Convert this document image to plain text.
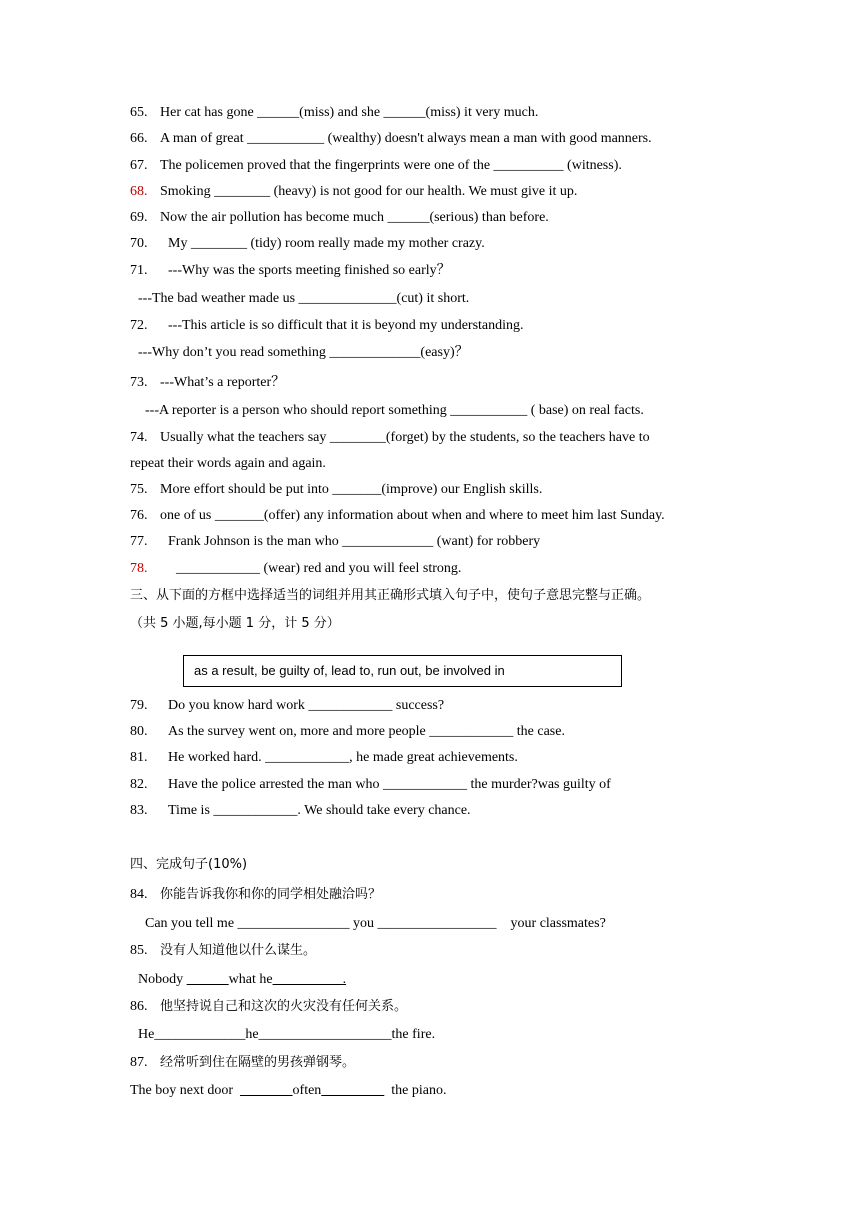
65. Her cat has gone ______(miss) and she ______(miss) it very much.
66. A man of great ___________ (wealthy) doesn't always mean a man with good manners.
67. The policemen proved that the fingerprints were one of the __________ (witness).
68. Smoking ________ (heavy) is not good for our health. We must give it up.
69. Now the air pollution has become much ______(serious) than before.
70. My ________ (tidy) room really made my mother crazy.
71. ---Why was the sports meeting finished so early？
---The bad weather made us ______________(cut) it short.
72. ---This article is so difficult that it is beyond my understanding.
---Why don’t you read something _____________(easy)？
73. ---What’s a reporter？
---A reporter is a person who should report something ___________ ( base) on real facts.
74. Usually what the teachers say ________(forget) by the students, so the teachers have to
repeat their words again and again.
75. More effort should be put into _______(improve) our English skills.
76. one of us _______(offer) any information about when and where to meet him last Sunday.
77. Frank Johnson is the man who _____________ (want) for robbery
78. ____________ (wear) red and you will feel strong.
三、从下面的方框中选择适当的词组并用其正确形式填入句子中，使句子意思完整与正确。
（共 5 小题,每小题 1 分，计 5 分）
as a result, be guilty of, lead to, run out, be involved in
79. Do you know hard work ____________ success?
80. As the survey went on, more and more people ____________ the case.
81. He worked hard. ____________, he made great achievements.
82. Have the police arrested the man who ____________ the murder?was guilty of
83. Time is ____________. We should take every chance.
四、完成句子(10%)
84. 你能告诉我你和你的同学相处融洽吗？
Can you tell me ________________ you _________________    your classmates?
85. 没有人知道他以什么谋生。
Nobody	what he	.
86. 他坚持说自己和这次的火灾没有任何关系。
He_____________he___________________the fire.
87. 经常听到住在隔壁的男孩弹钢琴。
The boy next door	often	the piano.
